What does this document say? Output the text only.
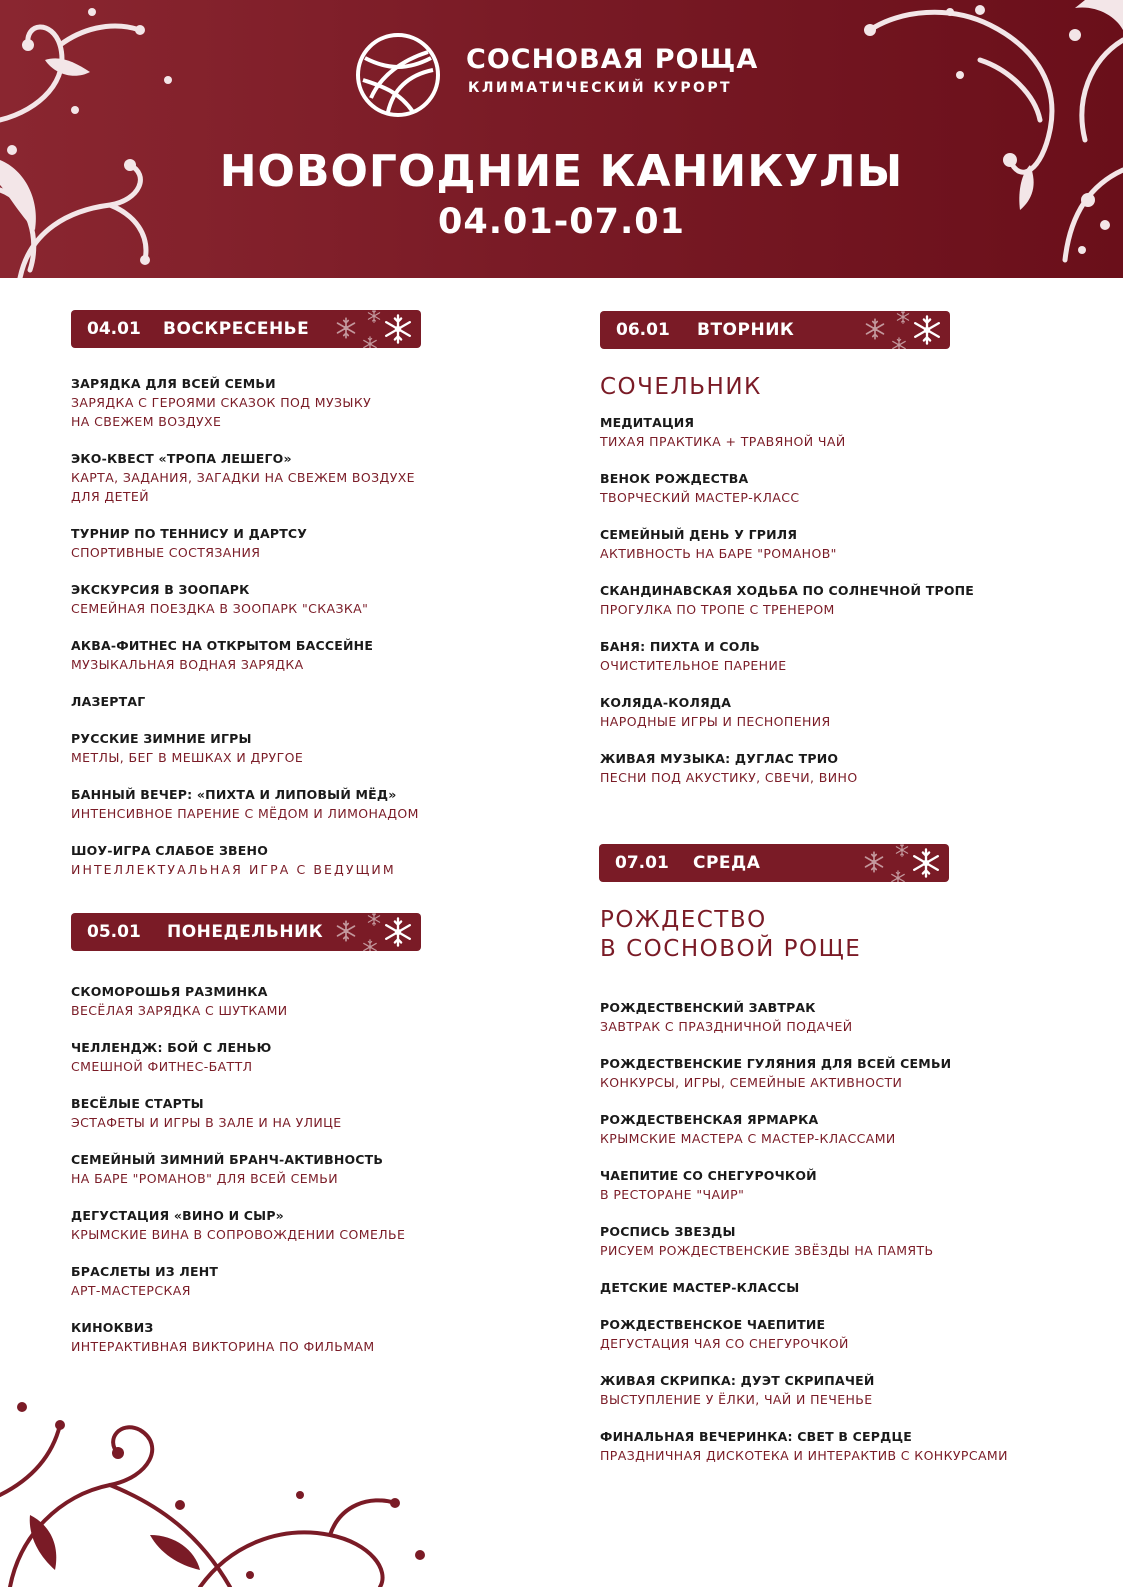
СОСНОВАЯ РОЩА
КЛИМАТИЧЕСКИЙ КУРОРТ
НОВОГОДНИЕ КАНИКУЛЫ
04.01-07.01
04.01 ВОСКРЕСЕНЬЕ
ЗАРЯДКА ДЛЯ ВСЕЙ СЕМЬИ
ЗАРЯДКА С ГЕРОЯМИ СКАЗОК ПОД МУЗЫКУ
НА СВЕЖЕМ ВОЗДУХЕ
ЭКО-КВЕСТ «ТРОПА ЛЕШЕГО»
КАРТА, ЗАДАНИЯ, ЗАГАДКИ НА СВЕЖЕМ ВОЗДУХЕ
ДЛЯ ДЕТЕЙ
ТУРНИР ПО ТЕННИСУ И ДАРТСУ
СПОРТИВНЫЕ СОСТЯЗАНИЯ
ЭКСКУРСИЯ В ЗООПАРК
СЕМЕЙНАЯ ПОЕЗДКА В ЗООПАРК "СКАЗКА"
АКВА-ФИТНЕС НА ОТКРЫТОМ БАССЕЙНЕ
МУЗЫКАЛЬНАЯ ВОДНАЯ ЗАРЯДКА
ЛАЗЕРТАГ
РУССКИЕ ЗИМНИЕ ИГРЫ
МЕТЛЫ, БЕГ В МЕШКАХ И ДРУГОЕ
БАННЫЙ ВЕЧЕР: «ПИХТА И ЛИПОВЫЙ МЁД»
ИНТЕНСИВНОЕ ПАРЕНИЕ С МЁДОМ И ЛИМОНАДОМ
ШОУ-ИГРА СЛАБОЕ ЗВЕНО
ИНТЕЛЛЕКТУАЛЬНАЯ ИГРА С ВЕДУЩИМ
05.01 ПОНЕДЕЛЬНИК
СКОМОРОШЬЯ РАЗМИНКА
ВЕСЁЛАЯ ЗАРЯДКА С ШУТКАМИ
ЧЕЛЛЕНДЖ: БОЙ С ЛЕНЬЮ
СМЕШНОЙ ФИТНЕС-БАТТЛ
ВЕСЁЛЫЕ СТАРТЫ
ЭСТАФЕТЫ И ИГРЫ В ЗАЛЕ И НА УЛИЦЕ
СЕМЕЙНЫЙ ЗИМНИЙ БРАНЧ-АКТИВНОСТЬ
НА БАРЕ "РОМАНОВ" ДЛЯ ВСЕЙ СЕМЬИ
ДЕГУСТАЦИЯ «ВИНО И СЫР»
КРЫМСКИЕ ВИНА В СОПРОВОЖДЕНИИ СОМЕЛЬЕ
БРАСЛЕТЫ ИЗ ЛЕНТ
АРТ-МАСТЕРСКАЯ
КИНОКВИЗ
ИНТЕРАКТИВНАЯ ВИКТОРИНА ПО ФИЛЬМАМ
06.01 ВТОРНИК
СОЧЕЛЬНИК
МЕДИТАЦИЯ
ТИХАЯ ПРАКТИКА + ТРАВЯНОЙ ЧАЙ
ВЕНОК РОЖДЕСТВА
ТВОРЧЕСКИЙ МАСТЕР-КЛАСС
СЕМЕЙНЫЙ ДЕНЬ У ГРИЛЯ
АКТИВНОСТЬ НА БАРЕ "РОМАНОВ"
СКАНДИНАВСКАЯ ХОДЬБА ПО СОЛНЕЧНОЙ ТРОПЕ
ПРОГУЛКА ПО ТРОПЕ С ТРЕНЕРОМ
БАНЯ: ПИХТА И СОЛЬ
ОЧИСТИТЕЛЬНОЕ ПАРЕНИЕ
КОЛЯДА-КОЛЯДА
НАРОДНЫЕ ИГРЫ И ПЕСНОПЕНИЯ
ЖИВАЯ МУЗЫКА: ДУГЛАС ТРИО
ПЕСНИ ПОД АКУСТИКУ, СВЕЧИ, ВИНО
07.01 СРЕДА
РОЖДЕСТВО
В СОСНОВОЙ РОЩЕ
РОЖДЕСТВЕНСКИЙ ЗАВТРАК
ЗАВТРАК С ПРАЗДНИЧНОЙ ПОДАЧЕЙ
РОЖДЕСТВЕНСКИЕ ГУЛЯНИЯ ДЛЯ ВСЕЙ СЕМЬИ
КОНКУРСЫ, ИГРЫ, СЕМЕЙНЫЕ АКТИВНОСТИ
РОЖДЕСТВЕНСКАЯ ЯРМАРКА
КРЫМСКИЕ МАСТЕРА С МАСТЕР-КЛАССАМИ
ЧАЕПИТИЕ СО СНЕГУРОЧКОЙ
В РЕСТОРАНЕ "ЧАИР"
РОСПИСЬ ЗВЕЗДЫ
РИСУЕМ РОЖДЕСТВЕНСКИЕ ЗВЁЗДЫ НА ПАМЯТЬ
ДЕТСКИЕ МАСТЕР-КЛАССЫ
РОЖДЕСТВЕНСКОЕ ЧАЕПИТИЕ
ДЕГУСТАЦИЯ ЧАЯ СО СНЕГУРОЧКОЙ
ЖИВАЯ СКРИПКА: ДУЭТ СКРИПАЧЕЙ
ВЫСТУПЛЕНИЕ У ЁЛКИ, ЧАЙ И ПЕЧЕНЬЕ
ФИНАЛЬНАЯ ВЕЧЕРИНКА: СВЕТ В СЕРДЦЕ
ПРАЗДНИЧНАЯ ДИСКОТЕКА И ИНТЕРАКТИВ С КОНКУРСАМИ
